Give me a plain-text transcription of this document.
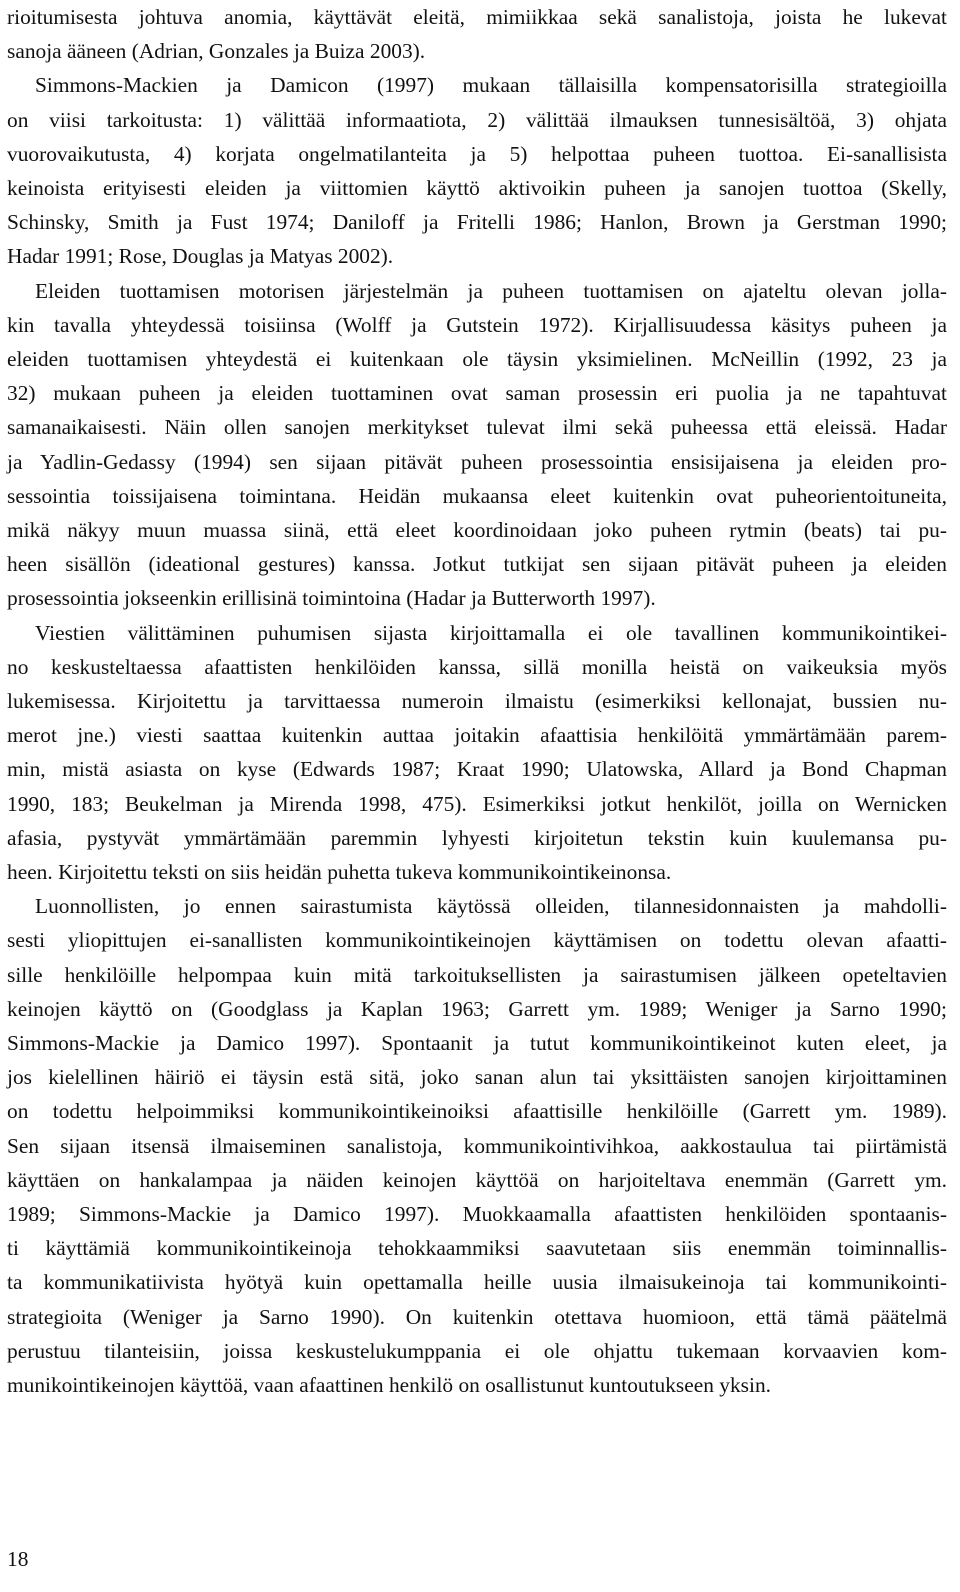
rioitumisesta johtuva anomia, käyttävät eleitä, mimiikkaa sekä sanalistoja, joista he lukevat
sanoja ääneen (Adrian, Gonzales ja Buiza 2003).
Simmons-Mackien ja Damicon (1997) mukaan tällaisilla kompensatorisilla strategioilla
on viisi tarkoitusta: 1) välittää informaatiota, 2) välittää ilmauksen tunnesisältöä, 3) ohjata
vuorovaikutusta, 4) korjata ongelmatilanteita ja 5) helpottaa puheen tuottoa. Ei-sanallisista
keinoista erityisesti eleiden ja viittomien käyttö aktivoikin puheen ja sanojen tuottoa (Skelly,
Schinsky, Smith ja Fust 1974; Daniloff ja Fritelli 1986; Hanlon, Brown ja Gerstman 1990;
Hadar 1991; Rose, Douglas ja Matyas 2002).
Eleiden tuottamisen motorisen järjestelmän ja puheen tuottamisen on ajateltu olevan jolla-
kin tavalla yhteydessä toisiinsa (Wolff ja Gutstein 1972). Kirjallisuudessa käsitys puheen ja
eleiden tuottamisen yhteydestä ei kuitenkaan ole täysin yksimielinen. McNeillin (1992, 23 ja
32) mukaan puheen ja eleiden tuottaminen ovat saman prosessin eri puolia ja ne tapahtuvat
samanaikaisesti. Näin ollen sanojen merkitykset tulevat ilmi sekä puheessa että eleissä. Hadar
ja Yadlin-Gedassy (1994) sen sijaan pitävät puheen prosessointia ensisijaisena ja eleiden pro-
sessointia toissijaisena toimintana. Heidän mukaansa eleet kuitenkin ovat puheorientoituneita,
mikä näkyy muun muassa siinä, että eleet koordinoidaan joko puheen rytmin (beats) tai pu-
heen sisällön (ideational gestures) kanssa. Jotkut tutkijat sen sijaan pitävät puheen ja eleiden
prosessointia jokseenkin erillisinä toimintoina (Hadar ja Butterworth 1997).
Viestien välittäminen puhumisen sijasta kirjoittamalla ei ole tavallinen kommunikointikei-
no keskusteltaessa afaattisten henkilöiden kanssa, sillä monilla heistä on vaikeuksia myös
lukemisessa. Kirjoitettu ja tarvittaessa numeroin ilmaistu (esimerkiksi kellonajat, bussien nu-
merot jne.) viesti saattaa kuitenkin auttaa joitakin afaattisia henkilöitä ymmärtämään parem-
min, mistä asiasta on kyse (Edwards 1987; Kraat 1990; Ulatowska, Allard ja Bond Chapman
1990, 183; Beukelman ja Mirenda 1998, 475). Esimerkiksi jotkut henkilöt, joilla on Wernicken
afasia, pystyvät ymmärtämään paremmin lyhyesti kirjoitetun tekstin kuin kuulemansa pu-
heen. Kirjoitettu teksti on siis heidän puhetta tukeva kommunikointikeinonsa.
Luonnollisten, jo ennen sairastumista käytössä olleiden, tilannesidonnaisten ja mahdolli-
sesti yliopittujen ei-sanallisten kommunikointikeinojen käyttämisen on todettu olevan afaatti-
sille henkilöille helpompaa kuin mitä tarkoituksellisten ja sairastumisen jälkeen opeteltavien
keinojen käyttö on (Goodglass ja Kaplan 1963; Garrett ym. 1989; Weniger ja Sarno 1990;
Simmons-Mackie ja Damico 1997). Spontaanit ja tutut kommunikointikeinot kuten eleet, ja
jos kielellinen häiriö ei täysin estä sitä, joko sanan alun tai yksittäisten sanojen kirjoittaminen
on todettu helpoimmiksi kommunikointikeinoiksi afaattisille henkilöille (Garrett ym. 1989).
Sen sijaan itsensä ilmaiseminen sanalistoja, kommunikointivihkoa, aakkostaulua tai piirtämistä
käyttäen on hankalampaa ja näiden keinojen käyttöä on harjoiteltava enemmän (Garrett ym.
1989; Simmons-Mackie ja Damico 1997). Muokkaamalla afaattisten henkilöiden spontaanis-
ti käyttämiä kommunikointikeinoja tehokkaammiksi saavutetaan siis enemmän toiminnallis-
ta kommunikatiivista hyötyä kuin opettamalla heille uusia ilmaisukeinoja tai kommunikointi-
strategioita (Weniger ja Sarno 1990). On kuitenkin otettava huomioon, että tämä päätelmä
perustuu tilanteisiin, joissa keskustelukumppania ei ole ohjattu tukemaan korvaavien kom-
munikointikeinojen käyttöä, vaan afaattinen henkilö on osallistunut kuntoutukseen yksin.
18
